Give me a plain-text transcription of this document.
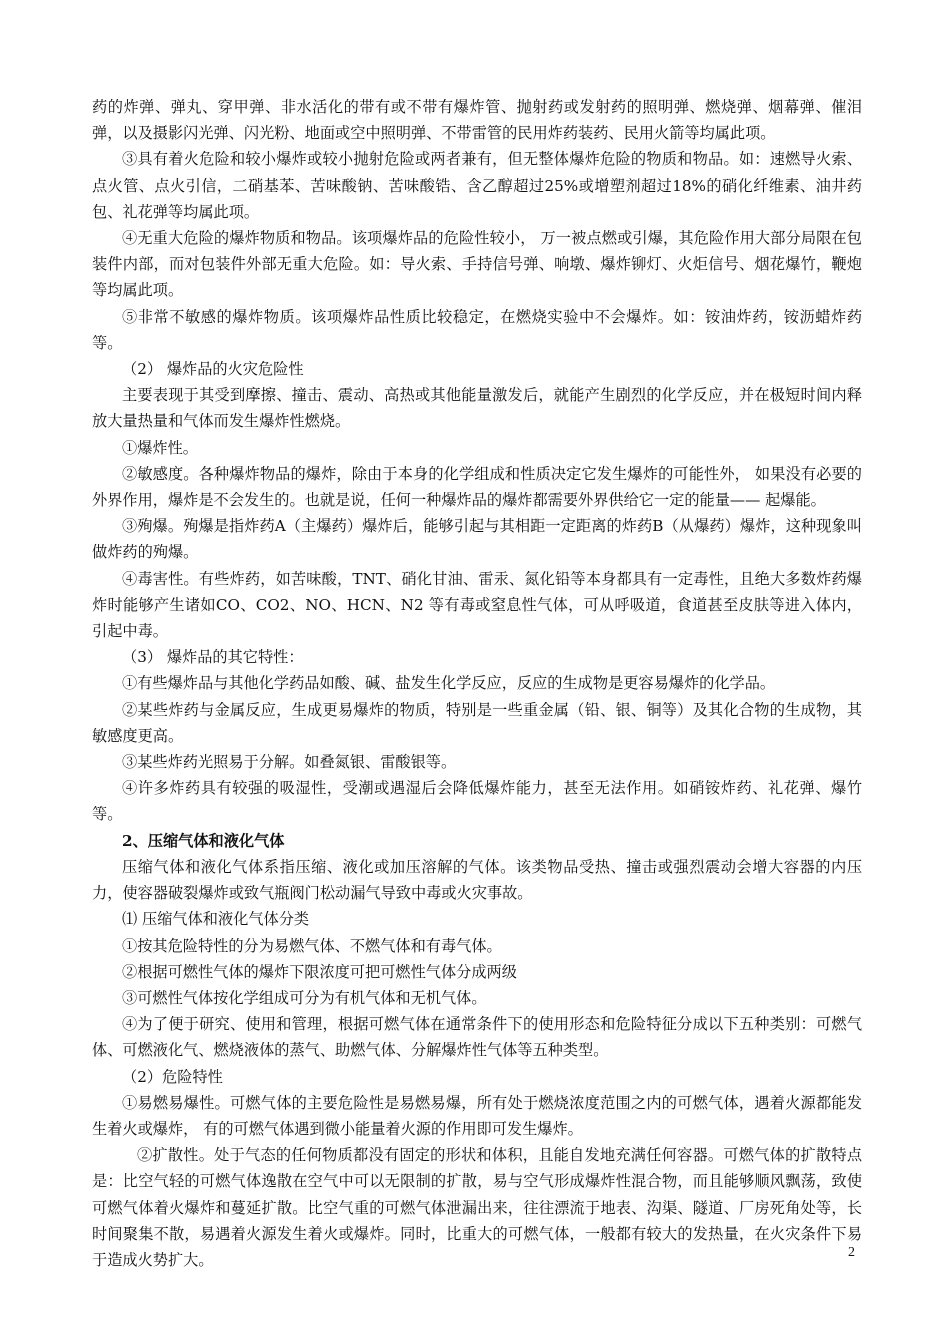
药的炸弹、弹丸、穿甲弹、非水活化的带有或不带有爆炸管、抛射药或发射药的照明弹、燃烧弹、烟幕弹、催泪弹，以及摄影闪光弹、闪光粉、地面或空中照明弹、不带雷管的民用炸药装药、民用火箭等均属此项。

③具有着火危险和较小爆炸或较小抛射危险或两者兼有，但无整体爆炸危险的物质和物品。如：速燃导火索、点火管、点火引信，二硝基苯、苦味酸钠、苦味酸锆、含乙醇超过25%或增塑剂超过18%的硝化纤维素、油井药包、礼花弹等均属此项。

④无重大危险的爆炸物质和物品。该项爆炸品的危险性较小， 万一被点燃或引爆，其危险作用大部分局限在包装件内部，而对包装件外部无重大危险。如：导火索、手持信号弹、响墩、爆炸铆灯、火炬信号、烟花爆竹，鞭炮等均属此项。

⑤非常不敏感的爆炸物质。该项爆炸品性质比较稳定，在燃烧实验中不会爆炸。如：铵油炸药，铵沥蜡炸药等。

（2） 爆炸品的火灾危险性

主要表现于其受到摩擦、撞击、震动、高热或其他能量激发后，就能产生剧烈的化学反应，并在极短时间内释放大量热量和气体而发生爆炸性燃烧。

①爆炸性。

②敏感度。各种爆炸物品的爆炸，除由于本身的化学组成和性质决定它发生爆炸的可能性外， 如果没有必要的外界作用，爆炸是不会发生的。也就是说，任何一种爆炸品的爆炸都需要外界供给它一定的能量—— 起爆能。

③殉爆。殉爆是指炸药A（主爆药）爆炸后，能够引起与其相距一定距离的炸药B（从爆药）爆炸，这种现象叫做炸药的殉爆。

④毒害性。有些炸药，如苦味酸，TNT、硝化甘油、雷汞、氮化铅等本身都具有一定毒性，且绝大多数炸药爆炸时能够产生诸如CO、CO2、NO、HCN、N2 等有毒或窒息性气体，可从呼吸道，食道甚至皮肤等进入体内，引起中毒。

（3） 爆炸品的其它特性：

①有些爆炸品与其他化学药品如酸、碱、盐发生化学反应，反应的生成物是更容易爆炸的化学品。

②某些炸药与金属反应，生成更易爆炸的物质，特别是一些重金属（铅、银、铜等）及其化合物的生成物，其敏感度更高。

③某些炸药光照易于分解。如叠氮银、雷酸银等。

④许多炸药具有较强的吸湿性，受潮或遇湿后会降低爆炸能力，甚至无法作用。如硝铵炸药、礼花弹、爆竹等。

2、压缩气体和液化气体

压缩气体和液化气体系指压缩、液化或加压溶解的气体。该类物品受热、撞击或强烈震动会增大容器的内压力，使容器破裂爆炸或致气瓶阀门松动漏气导致中毒或火灾事故。

⑴ 压缩气体和液化气体分类

①按其危险特性的分为易燃气体、不燃气体和有毒气体。

②根据可燃性气体的爆炸下限浓度可把可燃性气体分成两级

③可燃性气体按化学组成可分为有机气体和无机气体。

④为了便于研究、使用和管理，根据可燃气体在通常条件下的使用形态和危险特征分成以下五种类别：可燃气体、可燃液化气、燃烧液体的蒸气、助燃气体、分解爆炸性气体等五种类型。

（2）危险特性

①易燃易爆性。可燃气体的主要危险性是易燃易爆，所有处于燃烧浓度范围之内的可燃气体，遇着火源都能发生着火或爆炸， 有的可燃气体遇到微小能量着火源的作用即可发生爆炸。

②扩散性。处于气态的任何物质都没有固定的形状和体积，且能自发地充满任何容器。可燃气体的扩散特点是：比空气轻的可燃气体逸散在空气中可以无限制的扩散，易与空气形成爆炸性混合物，而且能够顺风飘荡，致使可燃气体着火爆炸和蔓延扩散。比空气重的可燃气体泄漏出来，往往漂流于地表、沟渠、隧道、厂房死角处等，长时间聚集不散，易遇着火源发生着火或爆炸。同时，比重大的可燃气体，一般都有较大的发热量，在火灾条件下易于造成火势扩大。	2
